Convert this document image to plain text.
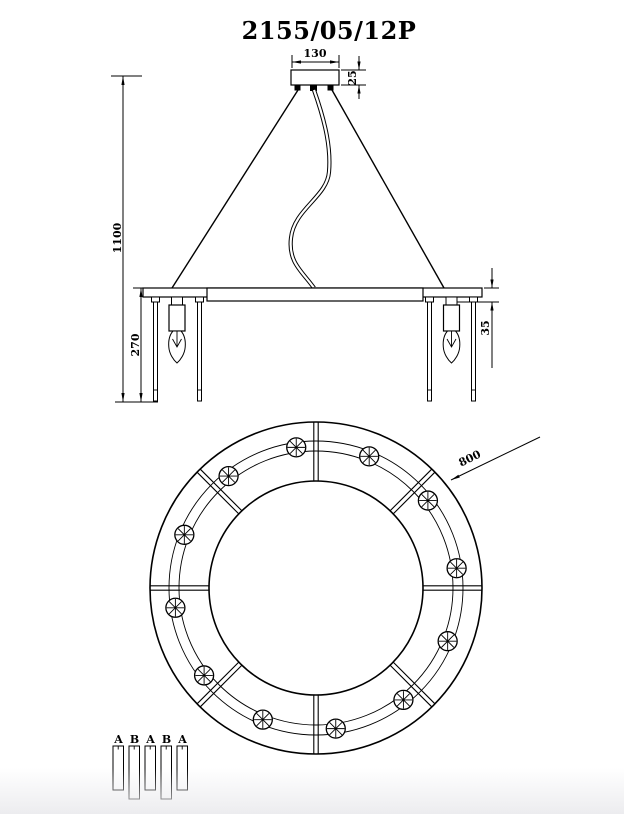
2155/05/12P
130
25
1100
270
35
800
A B A B A
